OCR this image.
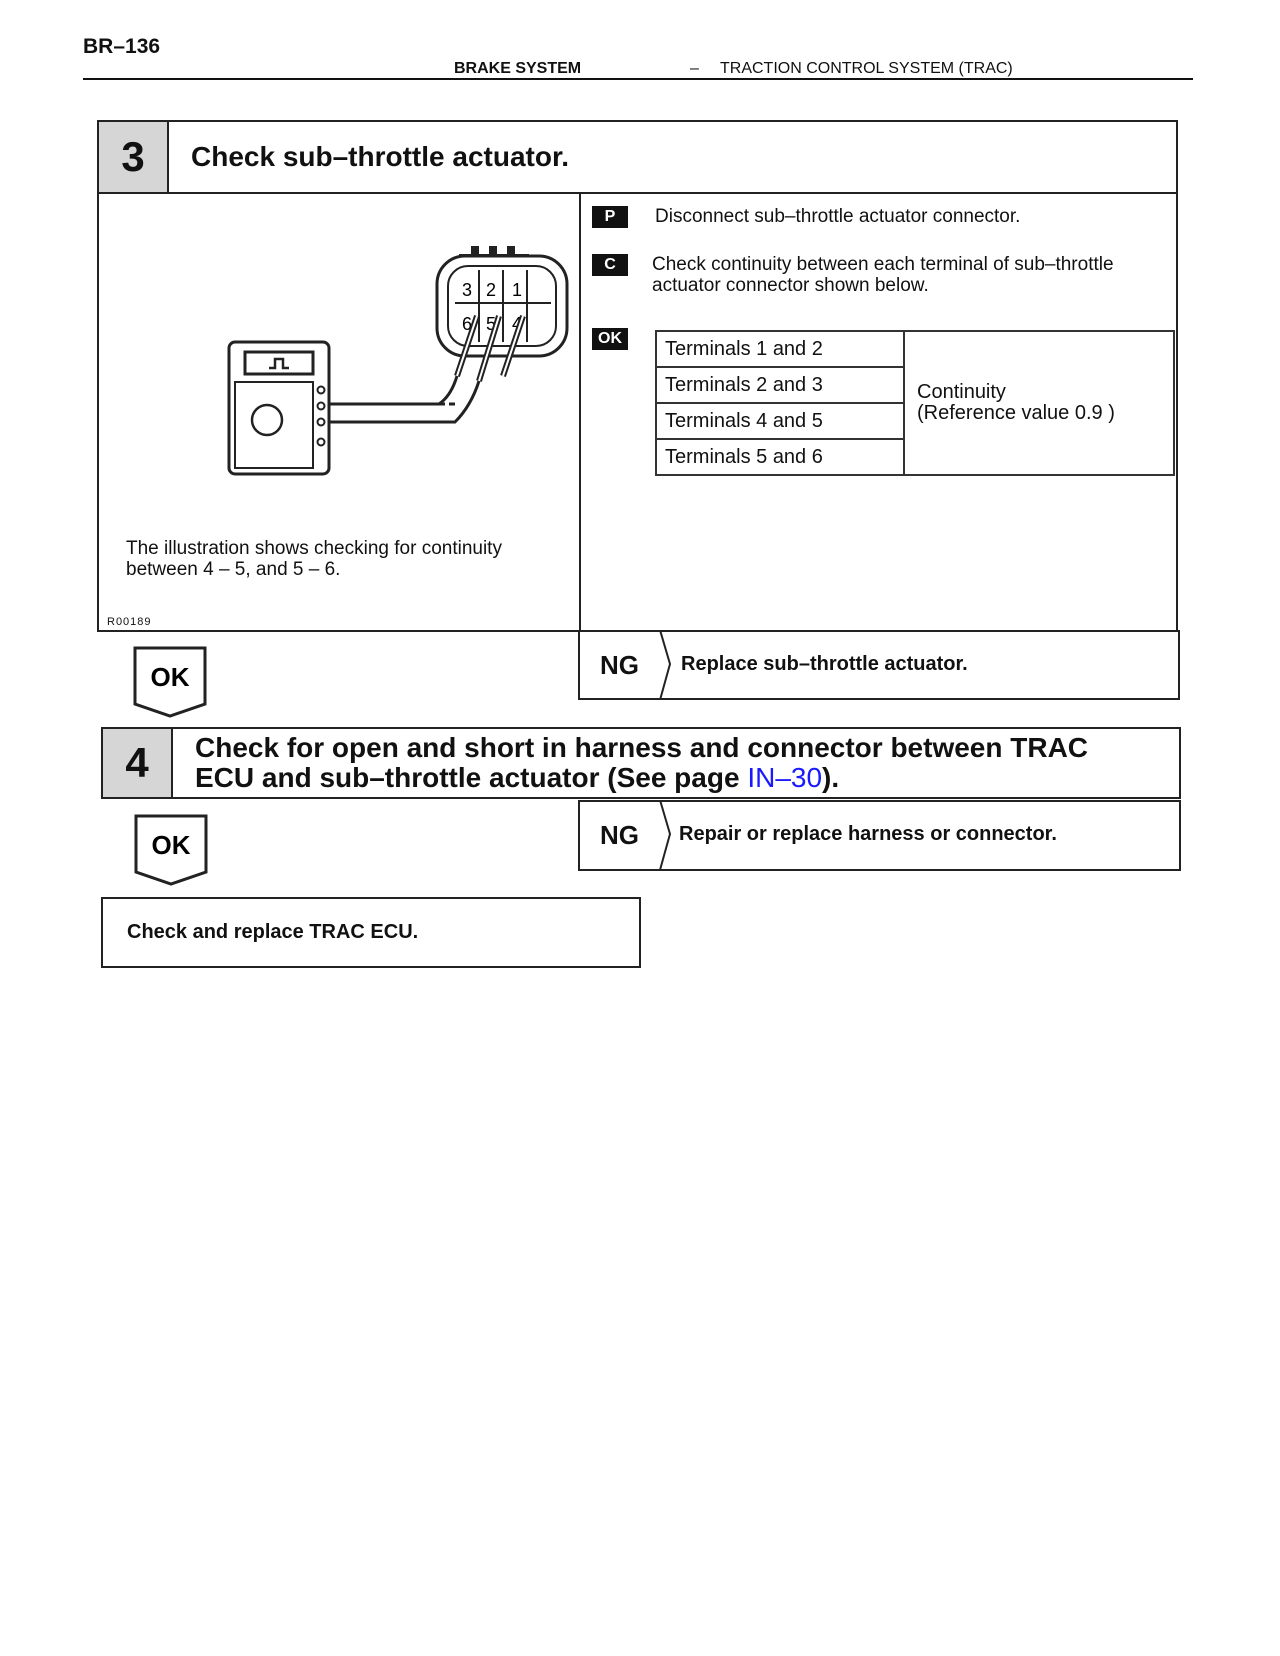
BR–136
BRAKE SYSTEM	– TRACTION CONTROL SYSTEM (TRAC)
3	Check sub–throttle actuator.
3 2 1
6 5 4
The illustration shows checking for continuity between 4 – 5, and 5 – 6.
R00189
P	Disconnect sub–throttle actuator connector.
C	Check continuity between each terminal of sub–throttle actuator connector shown below.
OK	Terminals 1 and 2	
Continuity
(Reference value 0.9 )

Terminals 2 and 3
Terminals 4 and 5
Terminals 5 and 6
OK	NG Replace sub–throttle actuator.
4	Check for open and short in harness and connector between TRAC
ECU and sub–throttle actuator (See page IN–30).
OK	NG Repair or replace harness or connector.
Check and replace TRAC ECU.
